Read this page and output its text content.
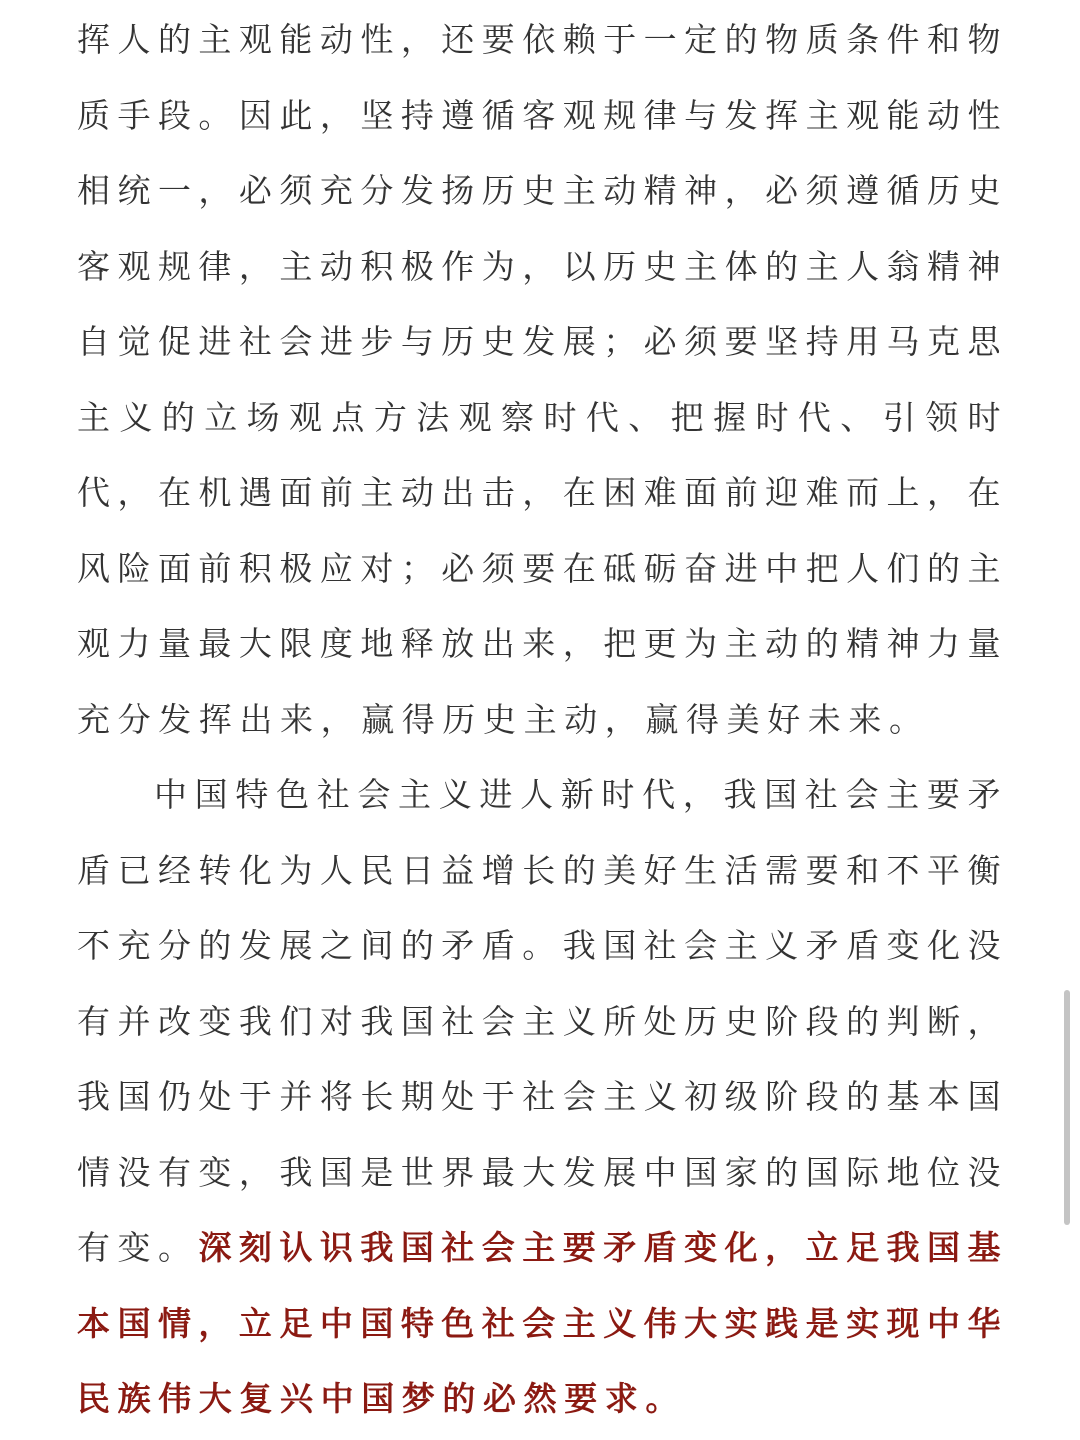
挥人的主观能动性，还要依赖于一定的物质条件和物
质手段。因此，坚持遵循客观规律与发挥主观能动性
相统一，必须充分发扬历史主动精神，必须遵循历史
客观规律，主动积极作为，以历史主体的主人翁精神
自觉促进社会进步与历史发展；必须要坚持用马克思
主义的立场观点方法观察时代、把握时代、引领时
代，在机遇面前主动出击，在困难面前迎难而上，在
风险面前积极应对；必须要在砥砺奋进中把人们的主
观力量最大限度地释放出来，把更为主动的精神力量
充分发挥出来，赢得历史主动，赢得美好未来。
中国特色社会主义进人新时代，我国社会主要矛
盾已经转化为人民日益增长的美好生活需要和不平衡
不充分的发展之间的矛盾。我国社会主义矛盾变化没
有并改变我们对我国社会主义所处历史阶段的判断，
我国仍处于并将长期处于社会主义初级阶段的基本国
情没有变，我国是世界最大发展中国家的国际地位没
有变。深刻认识我国社会主要矛盾变化，立足我国基
本国情，立足中国特色社会主义伟大实践是实现中华
民族伟大复兴中国梦的必然要求。
